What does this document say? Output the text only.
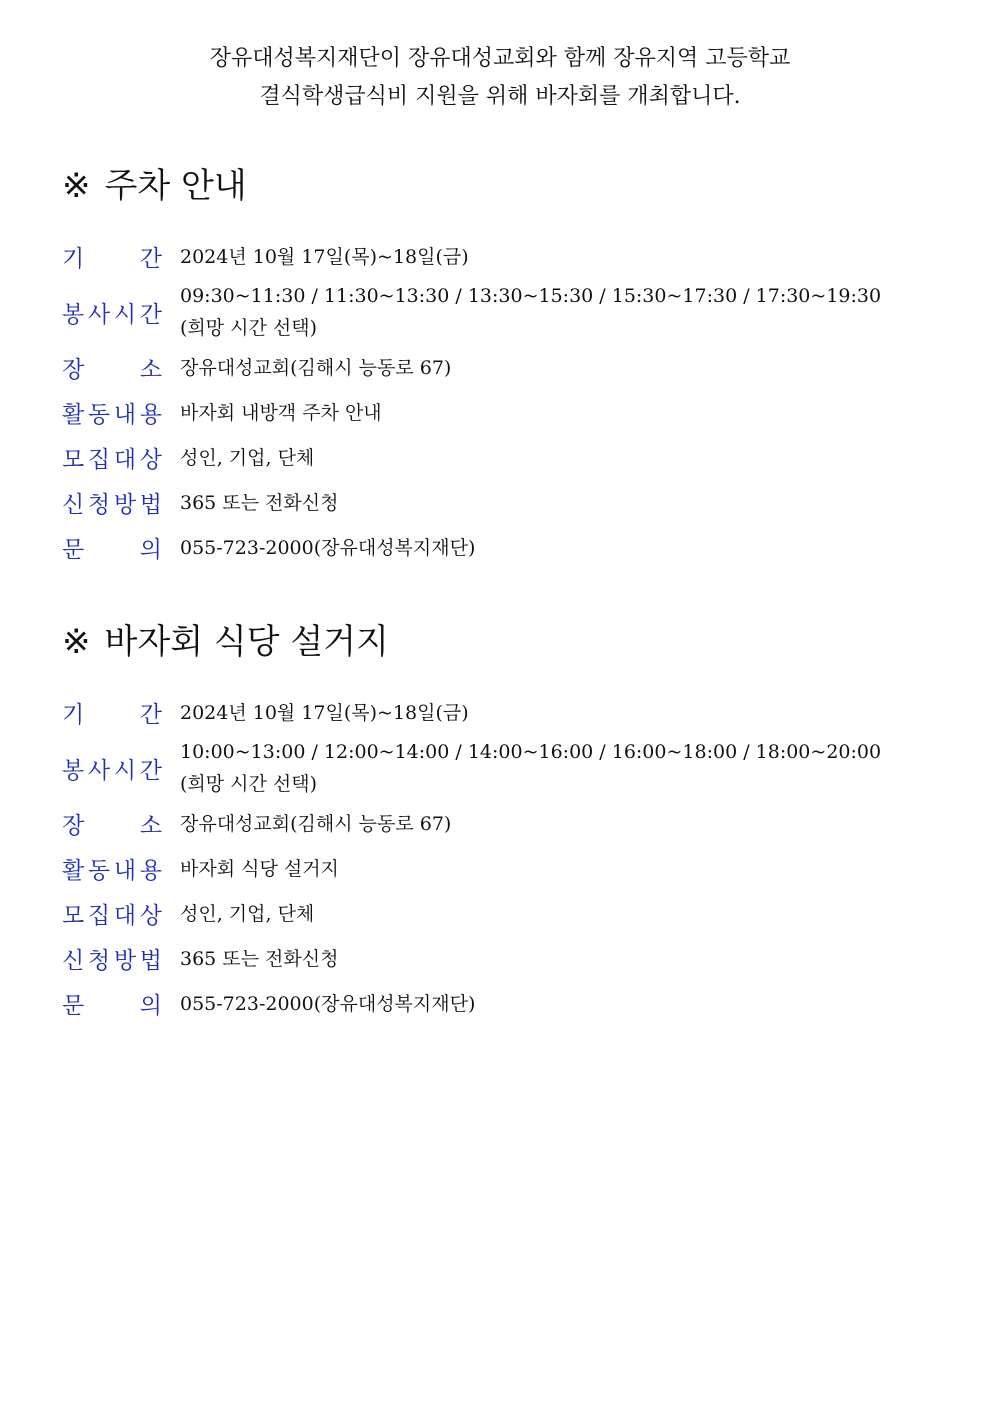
장유대성복지재단이 장유대성교회와 함께 장유지역 고등학교
결식학생급식비 지원을 위해 바자회를 개최합니다.
※ 주차 안내
기 간 2024년 10월 17일(목)~18일(금)
봉 사 시 간
09:30~11:30 / 11:30~13:30 / 13:30~15:30 / 15:30~17:30 / 17:30~19:30
(희망 시간 선택)
장 소 장유대성교회(김해시 능동로 67)
활 동 내 용 바자회 내방객 주차 안내
모 집 대 상 성인, 기업, 단체
신 청 방 법 365 또는 전화신청
문 의 055-723-2000(장유대성복지재단)
※ 바자회 식당 설거지
기 간 2024년 10월 17일(목)~18일(금)
봉 사 시 간
10:00~13:00 / 12:00~14:00 / 14:00~16:00 / 16:00~18:00 / 18:00~20:00
(희망 시간 선택)
장 소 장유대성교회(김해시 능동로 67)
활 동 내 용 바자회 식당 설거지
모 집 대 상 성인, 기업, 단체
신 청 방 법 365 또는 전화신청
문 의 055-723-2000(장유대성복지재단)
